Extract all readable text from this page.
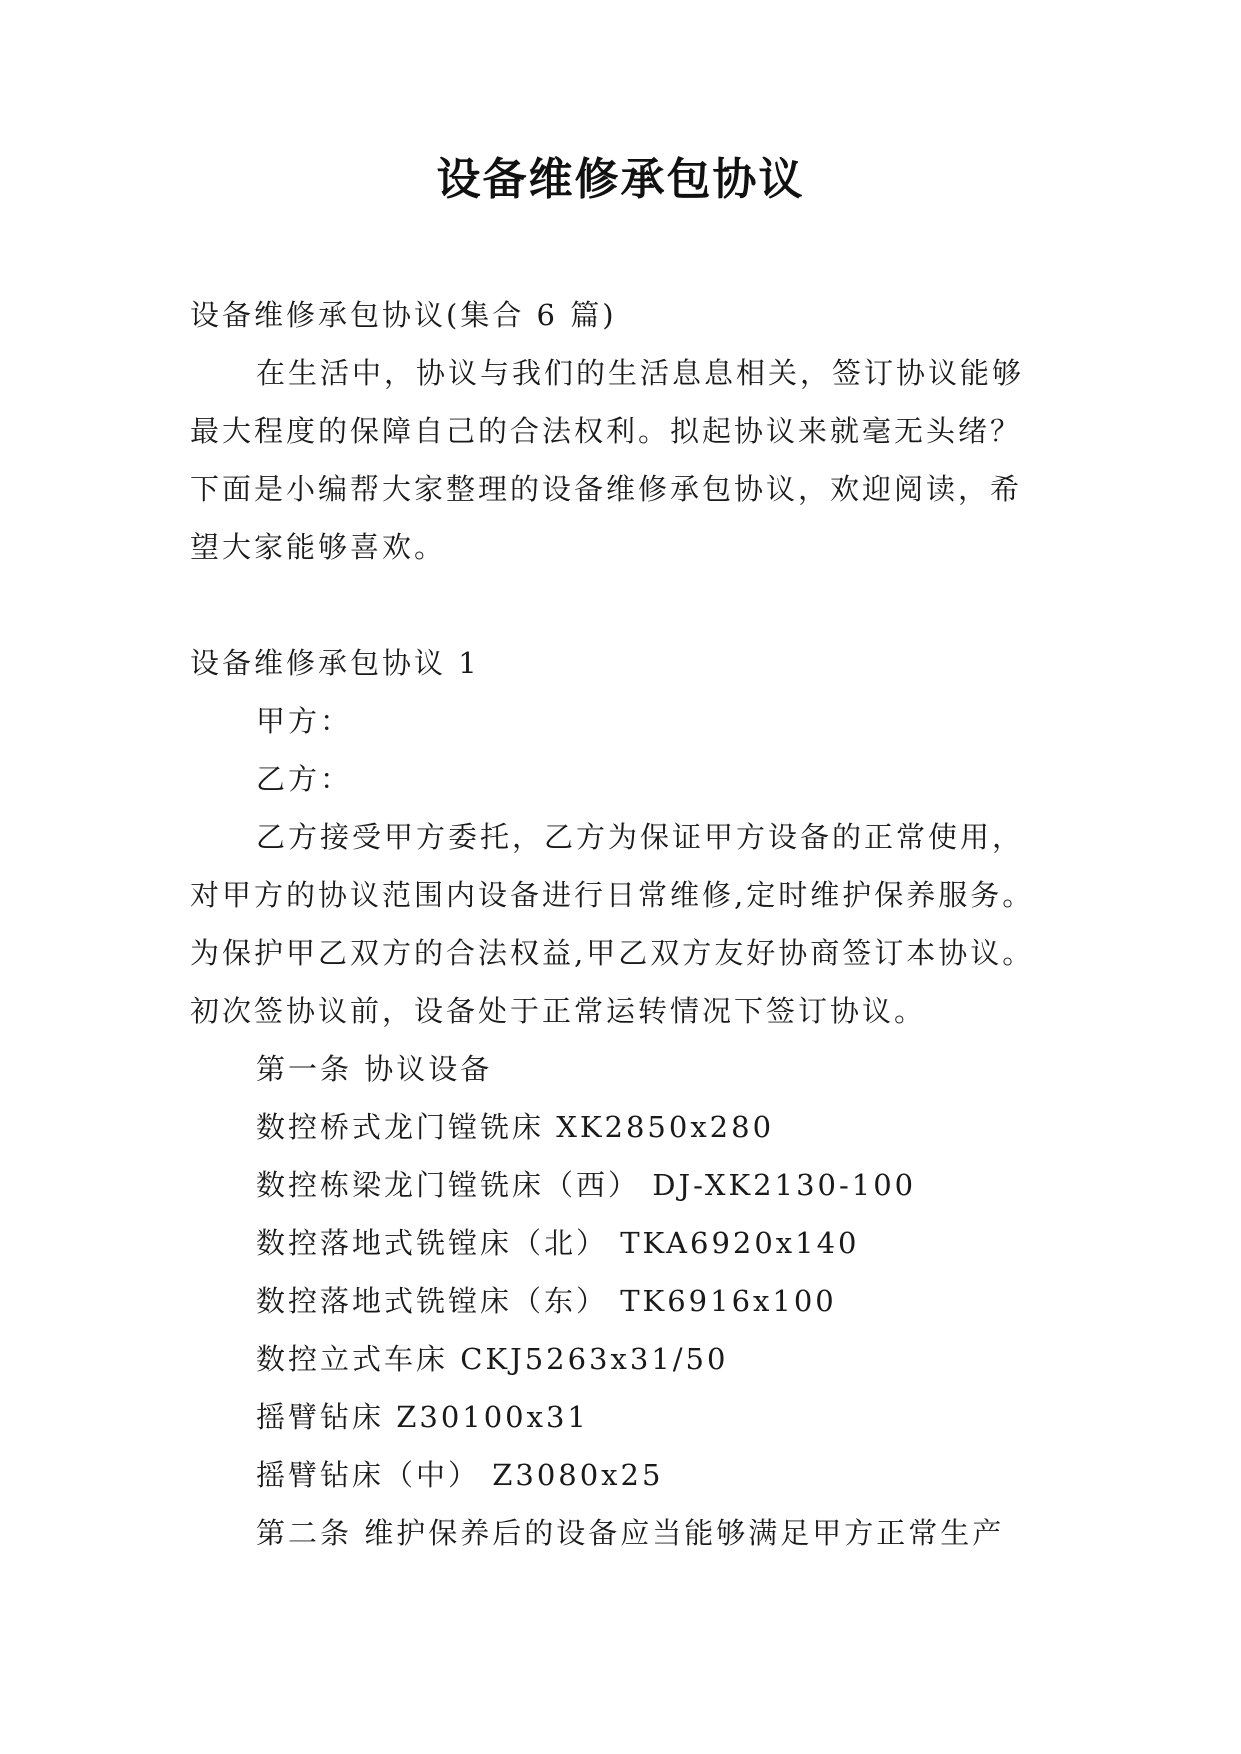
设备维修承包协议
设备维修承包协议(集合 6 篇)
在生活中，协议与我们的生活息息相关，签订协议能够
最大程度的保障自己的合法权利。拟起协议来就毫无头绪？
下面是小编帮大家整理的设备维修承包协议，欢迎阅读，希
望大家能够喜欢。
设备维修承包协议 1
甲方：
乙方：
乙方接受甲方委托，乙方为保证甲方设备的正常使用，
对甲方的协议范围内设备进行日常维修,定时维护保养服务。
为保护甲乙双方的合法权益,甲乙双方友好协商签订本协议。
初次签协议前，设备处于正常运转情况下签订协议。
第一条 协议设备
数控桥式龙门镗铣床 XK2850x280
数控栋梁龙门镗铣床（西） DJ-XK2130-100
数控落地式铣镗床（北） TKA6920x140
数控落地式铣镗床（东） TK6916x100
数控立式车床 CKJ5263x31/50
摇臂钻床 Z30100x31
摇臂钻床（中） Z3080x25
第二条 维护保养后的设备应当能够满足甲方正常生产
